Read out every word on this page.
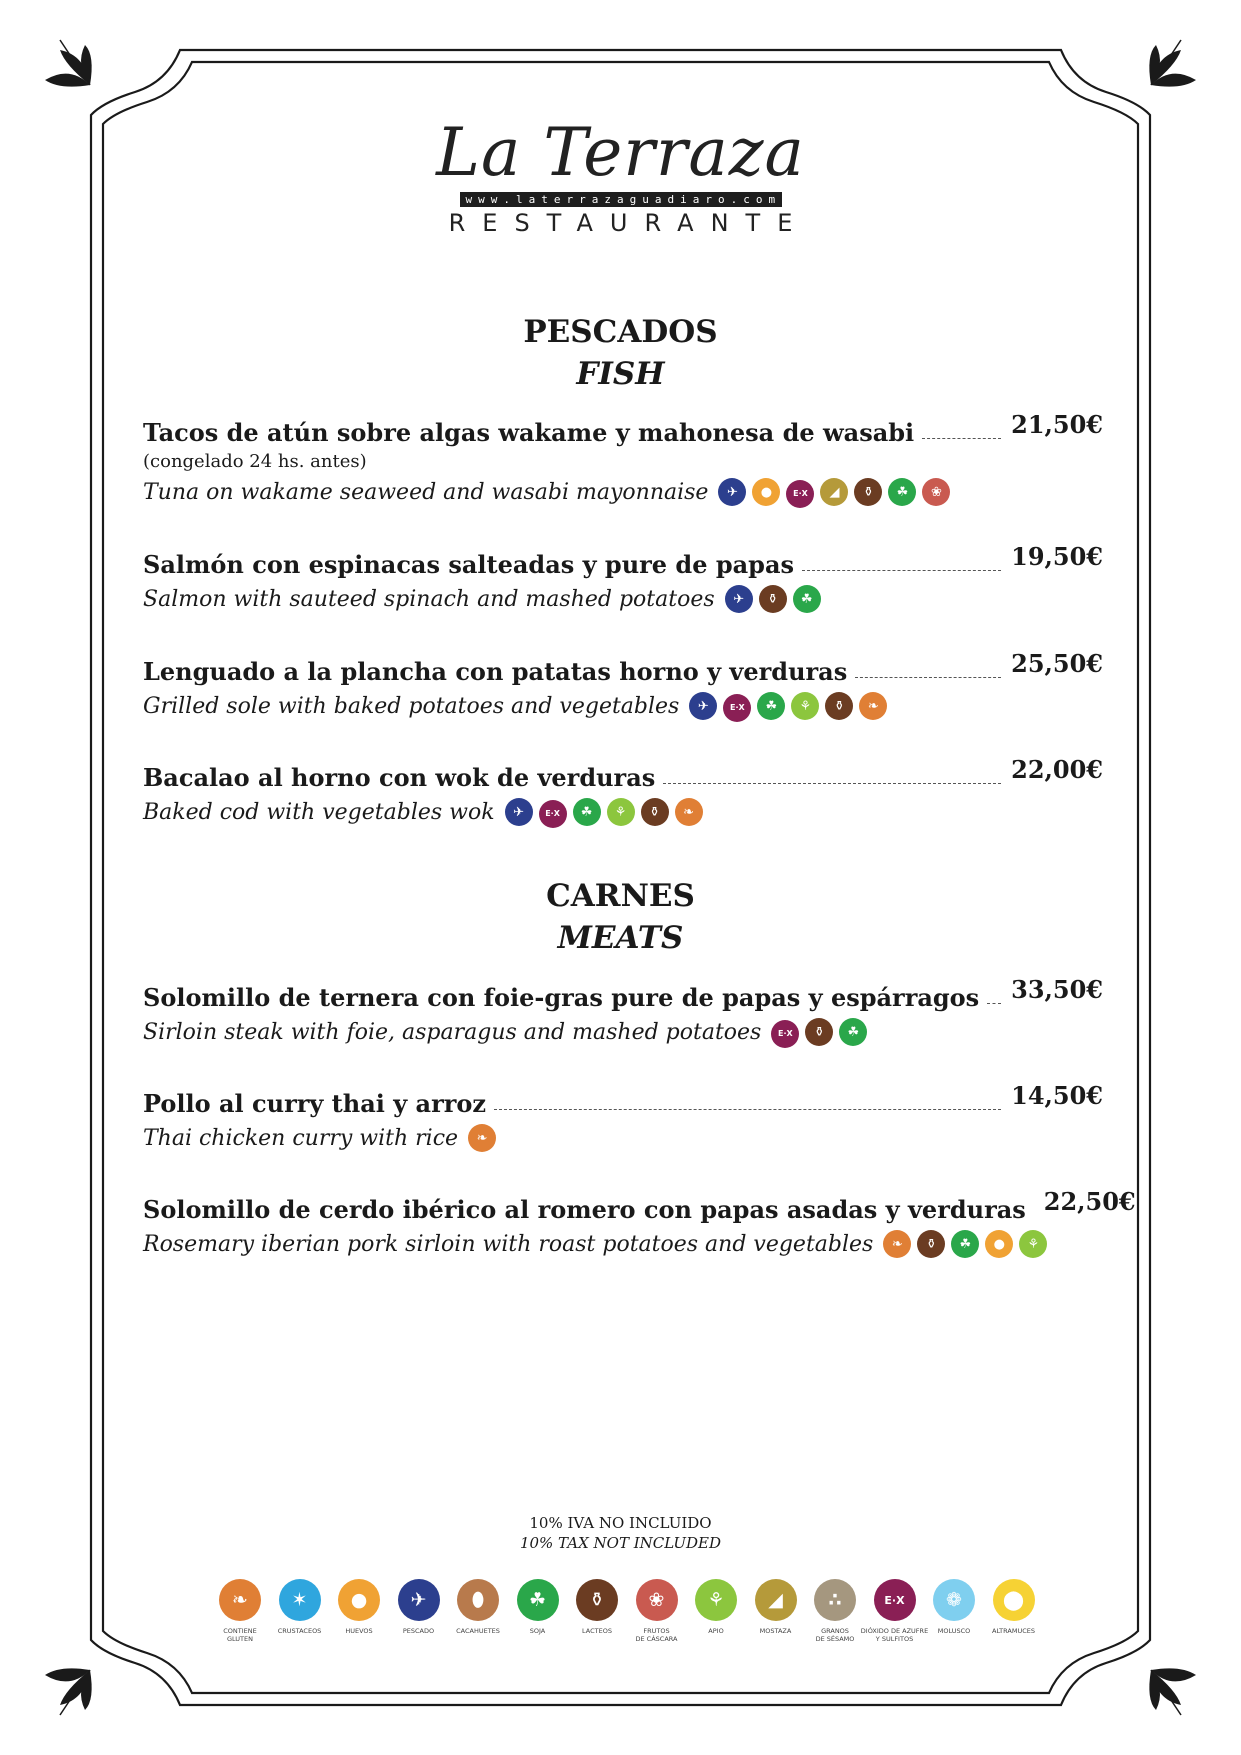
La Terraza
www.laterrazaguadiaro.com
RESTAURANTE
PESCADOS
FISH
Tacos de atún sobre algas wakame y mahonesa de wasabi	21,50€
(congelado 24 hs. antes)
Tuna on wakame seaweed and wasabi mayonnaise	✈ ●	E·X ◢ ⚱ ☘ ❀
Salmón con espinacas salteadas y pure de papas	19,50€
Salmon with sauteed spinach and mashed potatoes	✈ ⚱ ☘
Lenguado a la plancha con patatas horno y verduras	25,50€
Grilled sole with baked potatoes and vegetables	✈	E·X ☘ ⚘ ⚱ ❧
Bacalao al horno con wok de verduras	22,00€
Baked cod with vegetables wok	✈	E·X ☘ ⚘ ⚱ ❧
CARNES
MEATS
Solomillo de ternera con foie-gras pure de papas y espárragos 33,50€
Sirloin steak with foie, asparagus and mashed potatoes	E·X ⚱ ☘
Pollo al curry thai y arroz	14,50€
Thai chicken curry with rice	❧
Solomillo de cerdo ibérico al romero con papas asadas y verduras 22,50€
Rosemary iberian pork sirloin with roast potatoes and vegetables	❧ ⚱ ☘ ● ⚘
10% IVA NO INCLUIDO
10% TAX NOT INCLUDED
❧
CONTIENE
GLUTEN
✶
CRUSTACEOS
●
HUEVOS
✈
PESCADO
⬮
CACAHUETES
☘
SOJA
⚱
LACTEOS
❀
FRUTOS
DE CÁSCARA
⚘
APIO
◢
MOSTAZA
∴
GRANOS
DE SÉSAMO
E·X
DIÓXIDO DE AZUFRE
Y SULFITOS
❁
MOLUSCO
⬤
ALTRAMUCES
